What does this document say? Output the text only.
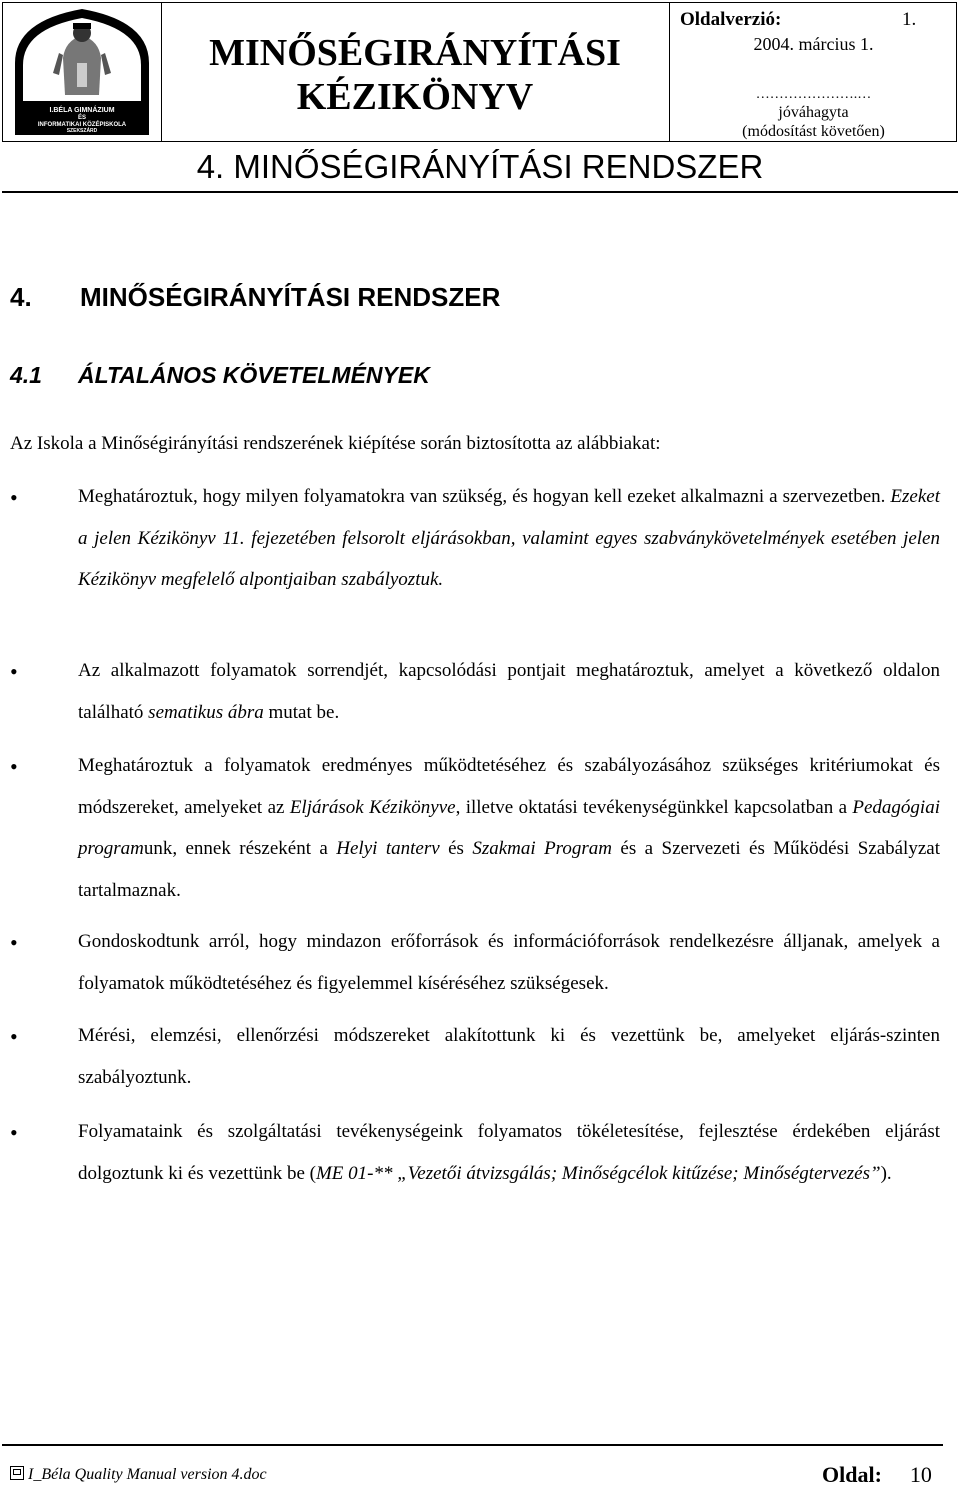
I.BÉLA GIMNÁZIUM
ÉS
INFORMATIKAI KÖZÉPISKOLA
SZEKSZÁRD
MINŐSÉGIRÁNYÍTÁSI
KÉZIKÖNYV
Oldalverzió:	1.
2004. március 1.
………………….…
jóváhagyta
(módosítást követően)
4. MINŐSÉGIRÁNYÍTÁSI RENDSZER
4. MINŐSÉGIRÁNYÍTÁSI RENDSZER
4.1 ÁLTALÁNOS KÖVETELMÉNYEK
Az Iskola a Minőségirányítási rendszerének kiépítése során biztosította az alábbiakat:
•	Meghatároztuk, hogy milyen folyamatokra van szükség, és hogyan kell ezeket alkalmazni a szervezetben. Ezeket a jelen Kézikönyv 11. fejezetében felsorolt eljárásokban, valamint egyes szabványkövetelmények esetében jelen Kézikönyv megfelelő alpontjaiban szabályoztuk.
•	Az alkalmazott folyamatok sorrendjét, kapcsolódási pontjait meghatároztuk, amelyet a következő oldalon található sematikus ábra mutat be.
•	Meghatároztuk a folyamatok eredményes működtetéséhez és szabályozásához szükséges kritériumokat és módszereket, amelyeket az Eljárások Kézikönyve, illetve oktatási tevékenységünkkel kapcsolatban a Pedagógiai programunk, ennek részeként a Helyi tanterv és Szakmai Program és a Szervezeti és Működési Szabályzat tartalmaznak.
•	Gondoskodtunk arról, hogy mindazon erőforrások és információforrások rendelkezésre álljanak, amelyek a folyamatok működtetéséhez és figyelemmel kíséréséhez szükségesek.
•	Mérési, elemzési, ellenőrzési módszereket alakítottunk ki és vezettünk be, amelyeket eljárás-szinten szabályoztunk.
•	Folyamataink és szolgáltatási tevékenységeink folyamatos tökéletesítése, fejlesztése érdekében eljárást dolgoztunk ki és vezettünk be (ME 01-** „Vezetői átvizsgálás; Minőségcélok kitűzése; Minőségtervezés”).
I_Béla Quality Manual version 4.doc	Oldal: 10
